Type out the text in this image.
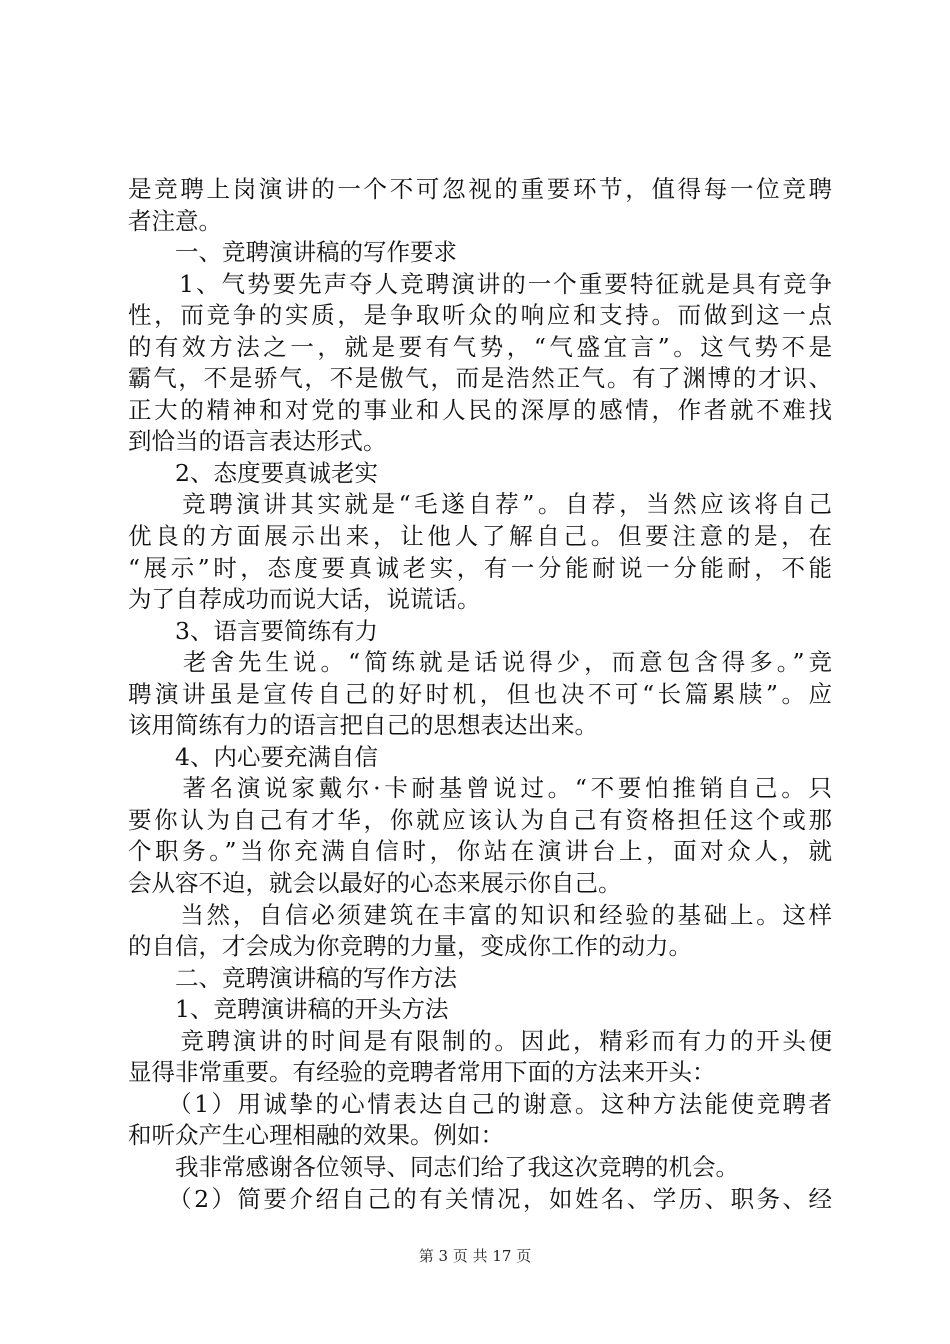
是竞聘上岗演讲的一个不可忽视的重要环节，值得每一位竞聘
者注意。
　　一、竞聘演讲稿的写作要求
　　1、气势要先声夺人竞聘演讲的一个重要特征就是具有竞争
性，而竞争的实质，是争取听众的响应和支持。而做到这一点
的有效方法之一，就是要有气势，“气盛宜言”。这气势不是
霸气，不是骄气，不是傲气，而是浩然正气。有了渊博的才识、
正大的精神和对党的事业和人民的深厚的感情，作者就不难找
到恰当的语言表达形式。
　　2、态度要真诚老实
　　竞聘演讲其实就是“毛遂自荐”。自荐，当然应该将自己
优良的方面展示出来，让他人了解自己。但要注意的是，在
“展示”时，态度要真诚老实，有一分能耐说一分能耐，不能
为了自荐成功而说大话，说谎话。
　　3、语言要简练有力
　　老舍先生说。“简练就是话说得少，而意包含得多。”竞
聘演讲虽是宣传自己的好时机，但也决不可“长篇累牍”。应
该用简练有力的语言把自己的思想表达出来。
　　4、内心要充满自信
　　著名演说家戴尔·卡耐基曾说过。“不要怕推销自己。只
要你认为自己有才华，你就应该认为自己有资格担任这个或那
个职务。”当你充满自信时，你站在演讲台上，面对众人，就
会从容不迫，就会以最好的心态来展示你自己。
　　当然，自信必须建筑在丰富的知识和经验的基础上。这样
的自信，才会成为你竞聘的力量，变成你工作的动力。
　　二、竞聘演讲稿的写作方法
　　1、竞聘演讲稿的开头方法
　　竞聘演讲的时间是有限制的。因此，精彩而有力的开头便
显得非常重要。有经验的竞聘者常用下面的方法来开头：
　　（1）用诚挚的心情表达自己的谢意。这种方法能使竞聘者
和听众产生心理相融的效果。例如：
　　我非常感谢各位领导、同志们给了我这次竞聘的机会。
　　（2）简要介绍自己的有关情况，如姓名、学历、职务、经
第 3 页 共 17 页
